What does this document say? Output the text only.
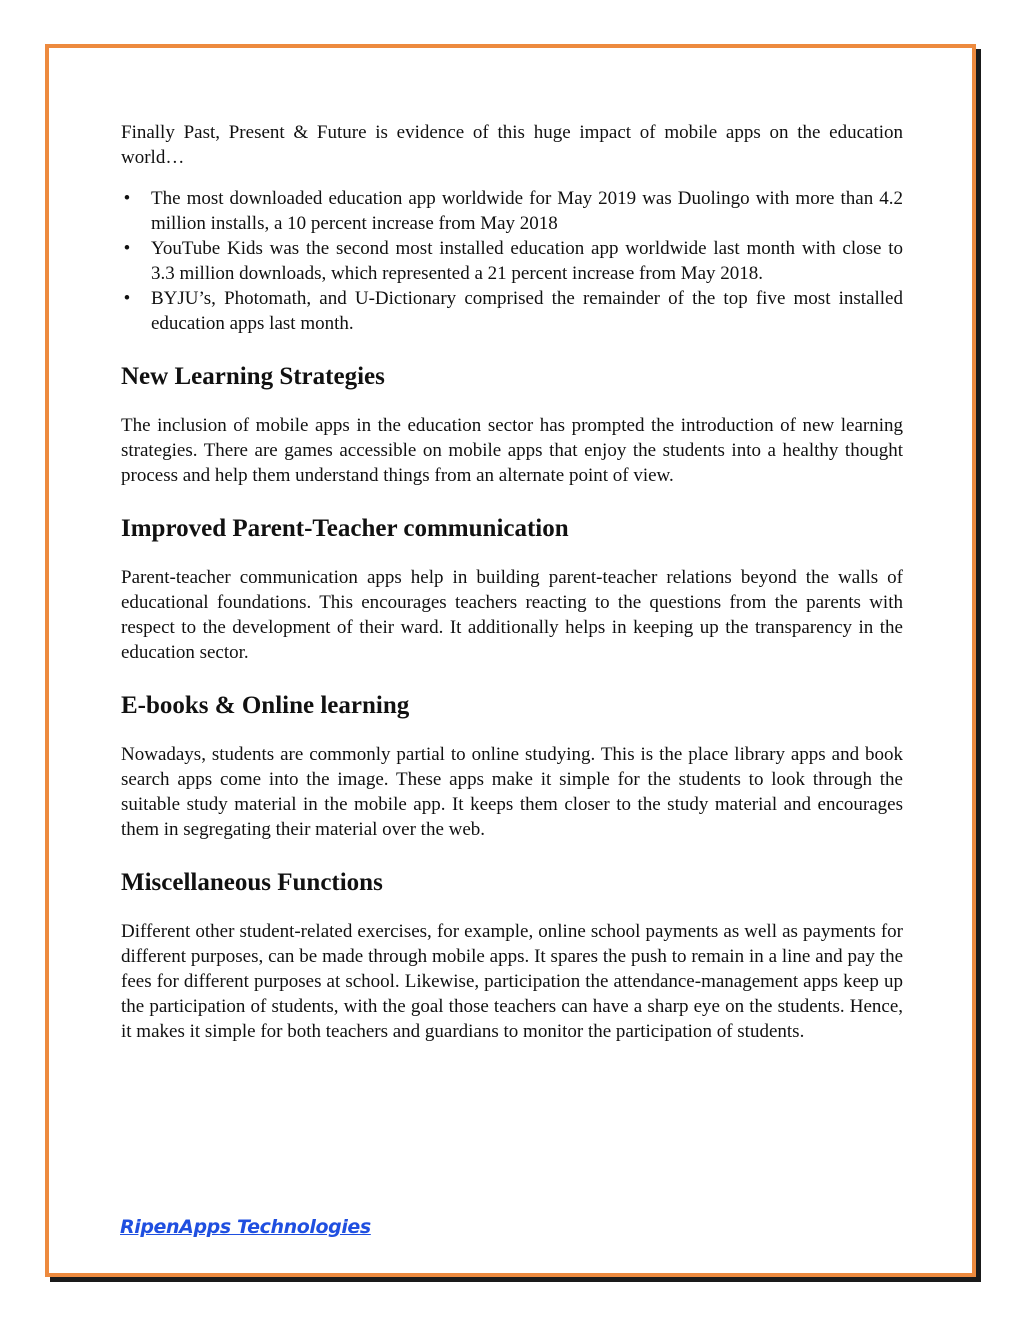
Finally Past, Present & Future is evidence of this huge impact of mobile apps on the education world…

• The most downloaded education app worldwide for May 2019 was Duolingo with more than 4.2 million installs, a 10 percent increase from May 2018
• YouTube Kids was the second most installed education app worldwide last month with close to 3.3 million downloads, which represented a 21 percent increase from May 2018.
• BYJU’s, Photomath, and U-Dictionary comprised the remainder of the top five most installed education apps last month.
New Learning Strategies

The inclusion of mobile apps in the education sector has prompted the introduction of new learning strategies. There are games accessible on mobile apps that enjoy the students into a healthy thought process and help them understand things from an alternate point of view.

Improved Parent-Teacher communication

Parent-teacher communication apps help in building parent-teacher relations beyond the walls of educational foundations. This encourages teachers reacting to the questions from the parents with respect to the development of their ward. It additionally helps in keeping up the transparency in the education sector.

E-books & Online learning

Nowadays, students are commonly partial to online studying. This is the place library apps and book search apps come into the image. These apps make it simple for the students to look through the suitable study material in the mobile app. It keeps them closer to the study material and encourages them in segregating their material over the web.

Miscellaneous Functions

Different other student-related exercises, for example, online school payments as well as payments for different purposes, can be made through mobile apps. It spares the push to remain in a line and pay the fees for different purposes at school. Likewise, participation the attendance-management apps keep up the participation of students, with the goal those teachers can have a sharp eye on the students. Hence, it makes it simple for both teachers and guardians to monitor the participation of students.

RipenApps Technologies
